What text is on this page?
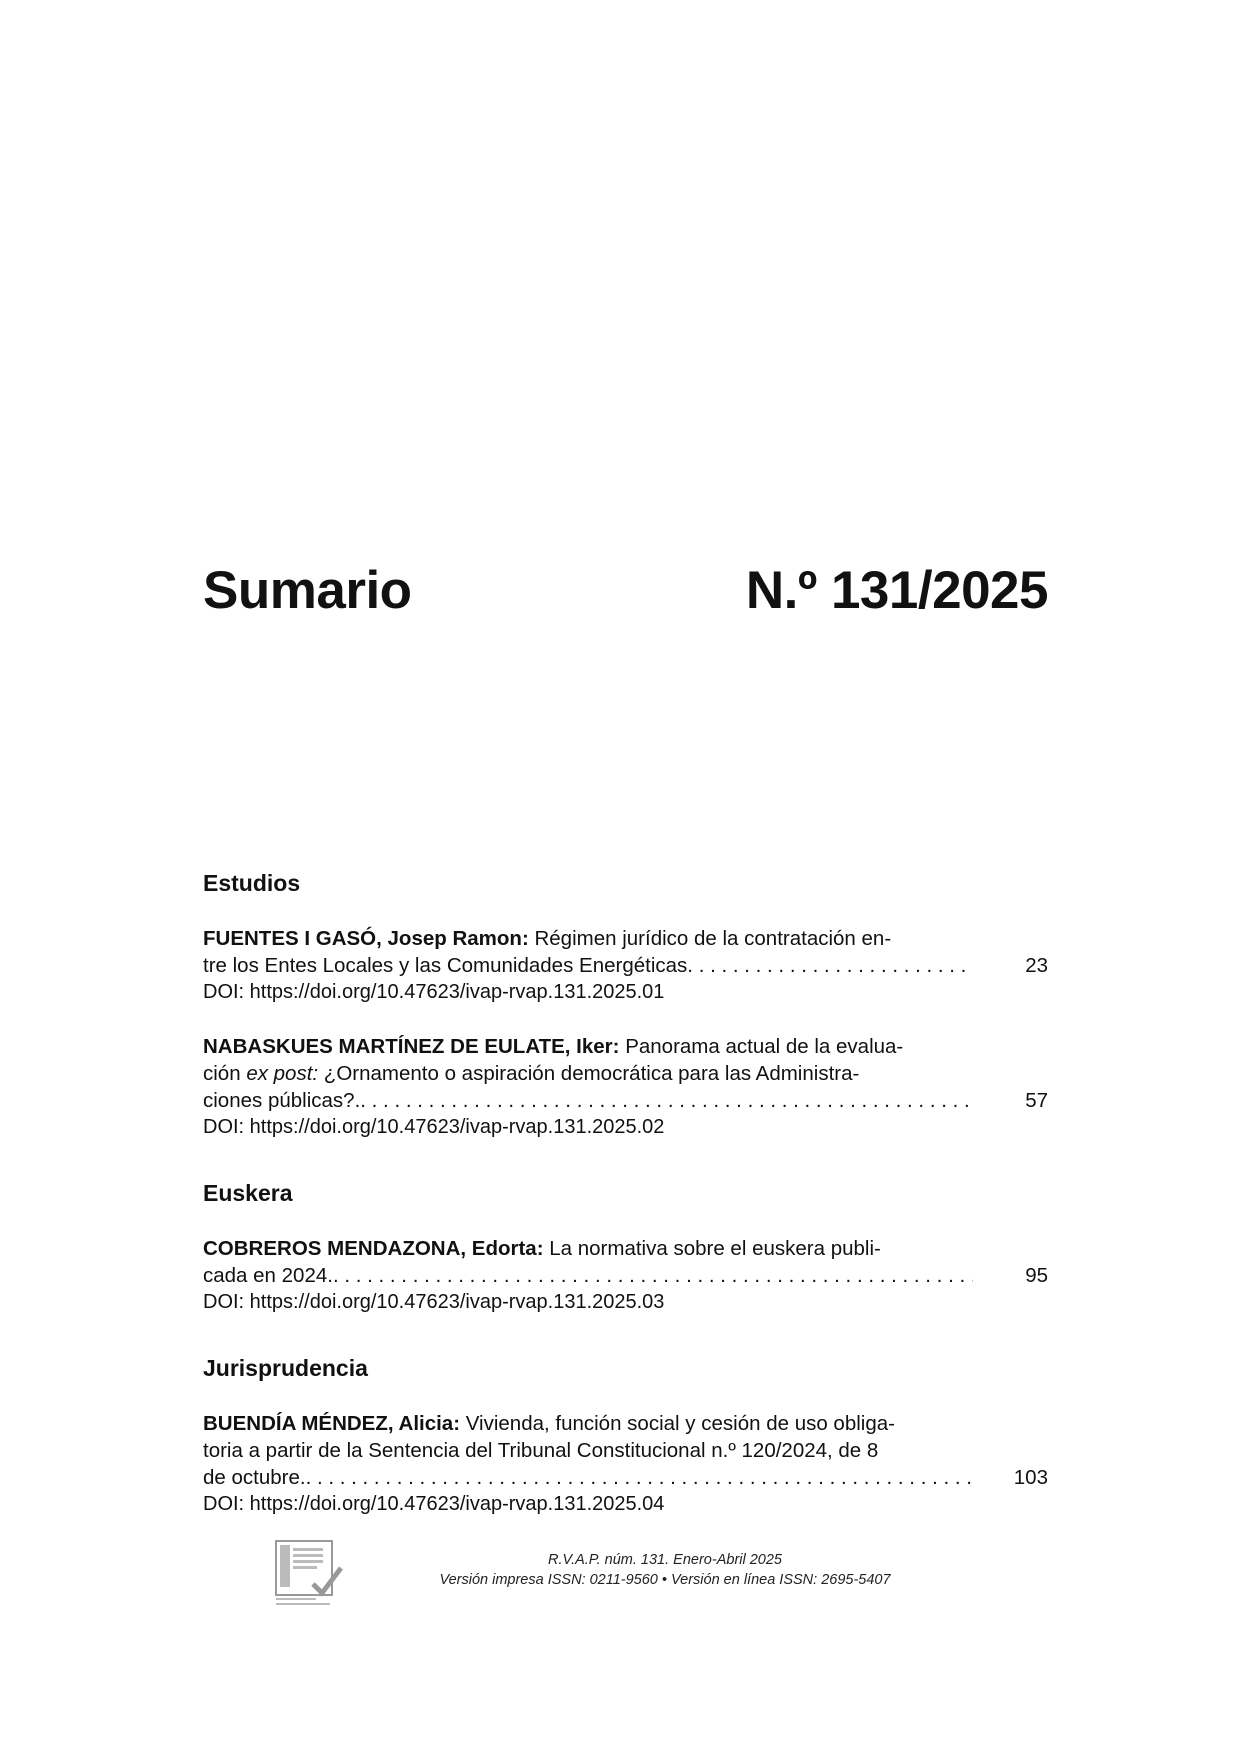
Sumario	N.º 131/2025
Estudios
FUENTES I GASÓ, Josep Ramon: Régimen jurídico de la contratación en-
tre los Entes Locales y las Comunidades Energéticas . . .	23
DOI: https://doi.org/10.47623/ivap-rvap.131.2025.01
NABASKUES MARTÍNEZ DE EULATE, Iker: Panorama actual de la evalua-
ción ex post: ¿Ornamento o aspiración democrática para las Administra-
ciones públicas?. . . .	57
DOI: https://doi.org/10.47623/ivap-rvap.131.2025.02
Euskera
COBREROS MENDAZONA, Edorta: La normativa sobre el euskera publi-
cada en 2024. . . .	95
DOI: https://doi.org/10.47623/ivap-rvap.131.2025.03
Jurisprudencia
BUENDÍA MÉNDEZ, Alicia: Vivienda, función social y cesión de uso obliga-
toria a partir de la Sentencia del Tribunal Constitucional n.º 120/2024, de 8
de octubre. . . .	103
DOI: https://doi.org/10.47623/ivap-rvap.131.2025.04
R.V.A.P. núm. 131. Enero-Abril 2025
Versión impresa ISSN: 0211-9560 • Versión en línea ISSN: 2695-5407
